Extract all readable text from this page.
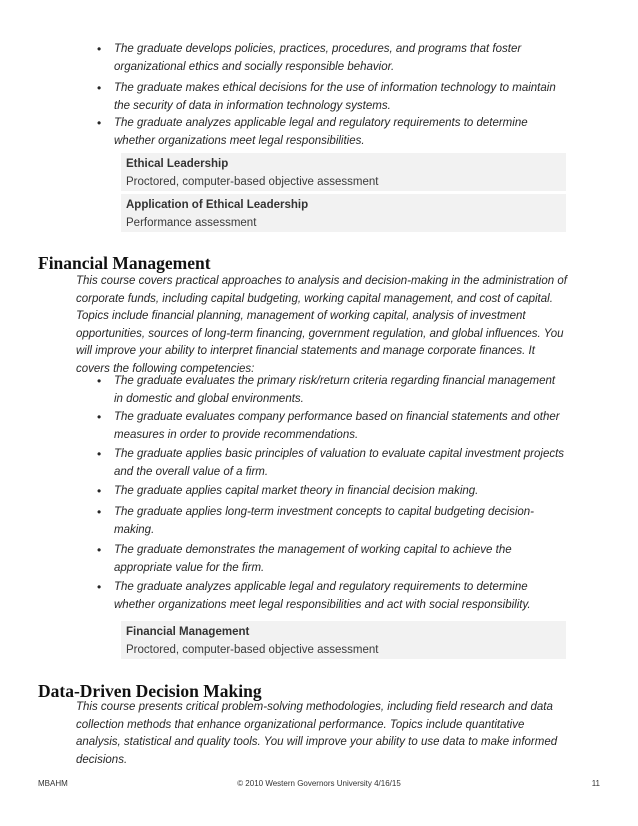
• The graduate develops policies, practices, procedures, and programs that foster organizational ethics and socially responsible behavior.
• The graduate makes ethical decisions for the use of information technology to maintain the security of data in information technology systems.
• The graduate analyzes applicable legal and regulatory requirements to determine whether organizations meet legal responsibilities.
Ethical Leadership
Proctored, computer-based objective assessment
Application of Ethical Leadership
Performance assessment
Financial Management
This course covers practical approaches to analysis and decision-making in the administration of corporate funds, including capital budgeting, working capital management, and cost of capital. Topics include financial planning, management of working capital, analysis of investment opportunities, sources of long-term financing, government regulation, and global influences. You will improve your ability to interpret financial statements and manage corporate finances. It covers the following competencies:
• The graduate evaluates the primary risk/return criteria regarding financial management in domestic and global environments.
• The graduate evaluates company performance based on financial statements and other measures in order to provide recommendations.
• The graduate applies basic principles of valuation to evaluate capital investment projects and the overall value of a firm.
• The graduate applies capital market theory in financial decision making.
• The graduate applies long-term investment concepts to capital budgeting decision-making.
• The graduate demonstrates the management of working capital to achieve the appropriate value for the firm.
• The graduate analyzes applicable legal and regulatory requirements to determine whether organizations meet legal responsibilities and act with social responsibility.
Financial Management
Proctored, computer-based objective assessment
Data-Driven Decision Making
This course presents critical problem-solving methodologies, including field research and data collection methods that enhance organizational performance. Topics include quantitative analysis, statistical and quality tools. You will improve your ability to use data to make informed decisions.
MBAHM	© 2010 Western Governors University 4/16/15	11
